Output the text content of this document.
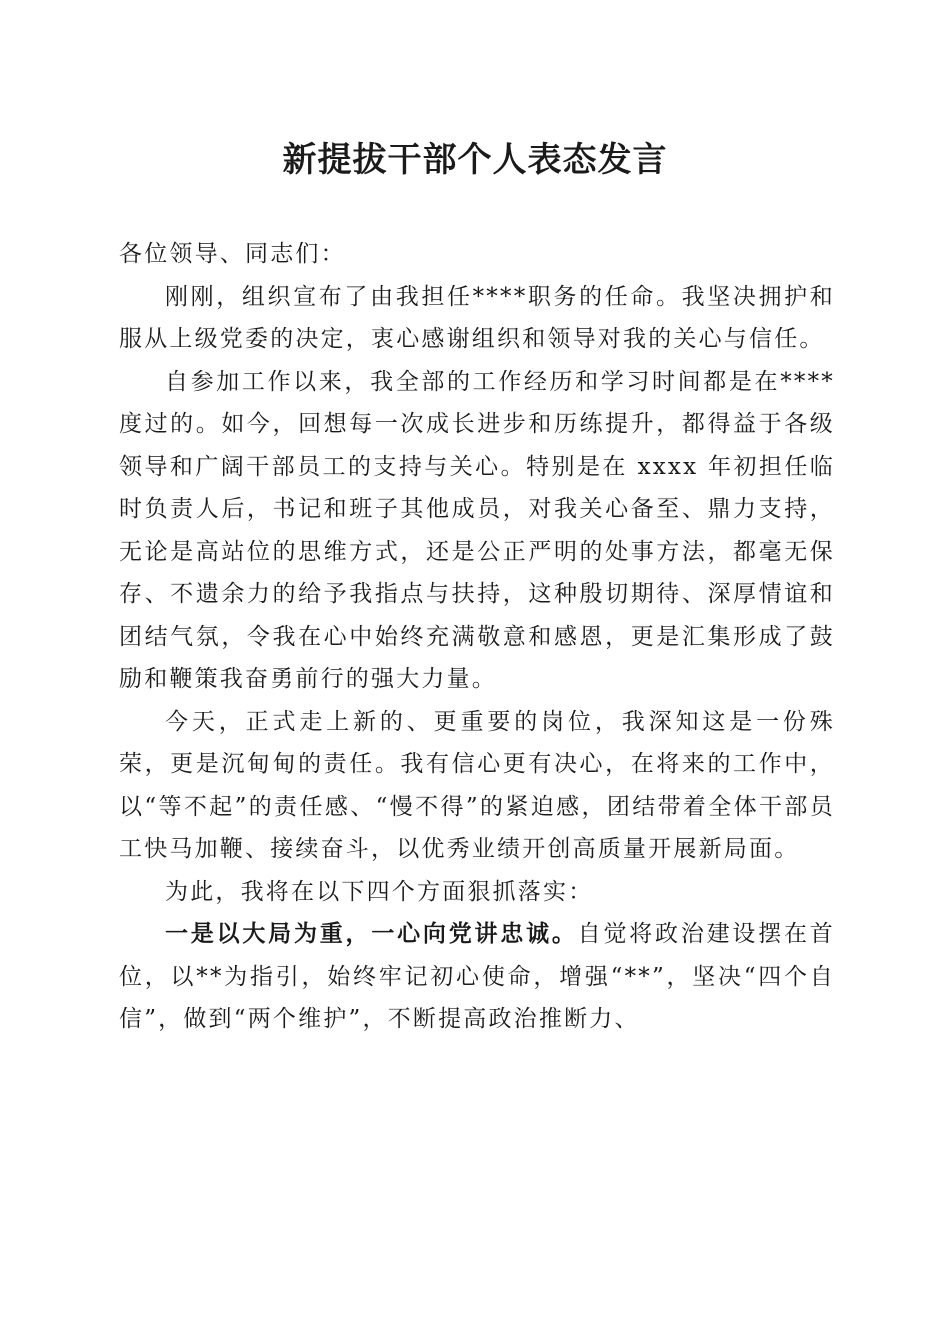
新提拔干部个人表态发言

各位领导、同志们：

刚刚，组织宣布了由我担任****职务的任命。我坚决拥护和服从上级党委的决定，衷心感谢组织和领导对我的关心与信任。

自参加工作以来，我全部的工作经历和学习时间都是在****度过的。如今，回想每一次成长进步和历练提升，都得益于各级领导和广阔干部员工的支持与关心。特别是在 xxxx 年初担任临时负责人后，书记和班子其他成员，对我关心备至、鼎力支持，无论是高站位的思维方式，还是公正严明的处事方法，都毫无保存、不遗余力的给予我指点与扶持，这种殷切期待、深厚情谊和团结气氛，令我在心中始终充满敬意和感恩，更是汇集形成了鼓励和鞭策我奋勇前行的强大力量。

今天，正式走上新的、更重要的岗位，我深知这是一份殊荣，更是沉甸甸的责任。我有信心更有决心，在将来的工作中，以“等不起”的责任感、“慢不得”的紧迫感，团结带着全体干部员工快马加鞭、接续奋斗，以优秀业绩开创高质量开展新局面。

为此，我将在以下四个方面狠抓落实：

一是以大局为重，一心向党讲忠诚。自觉将政治建设摆在首位，以**为指引，始终牢记初心使命，增强“**”，坚决“四个自信”，做到“两个维护”，不断提高政治推断力、
